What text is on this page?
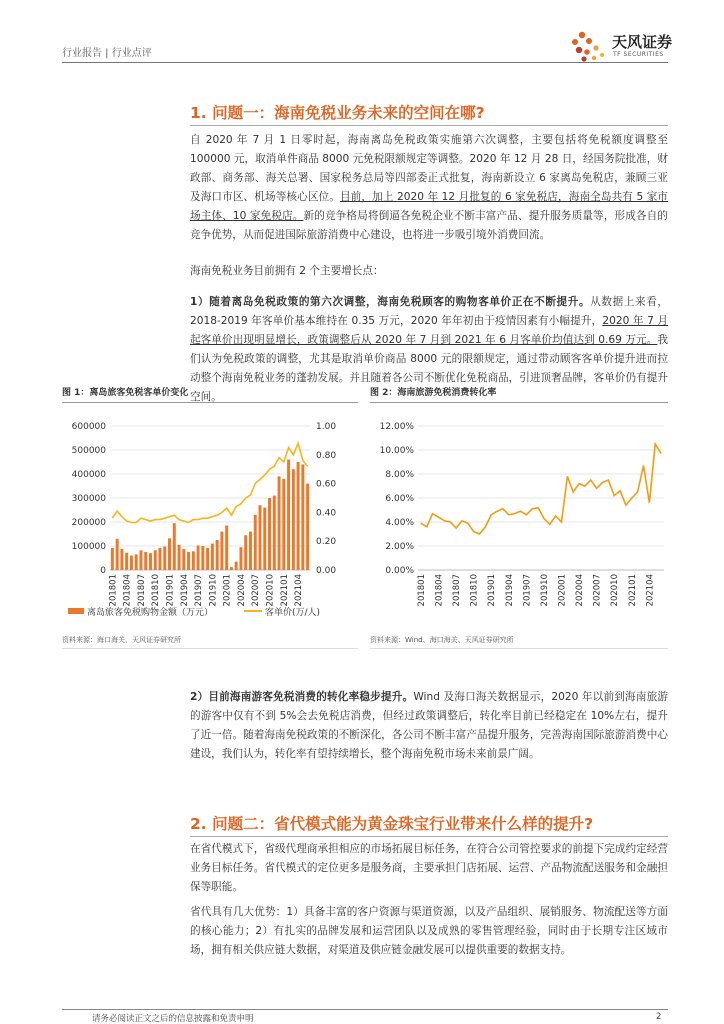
行业报告 | 行业点评
天风证券
TF SECURITIES
1. 问题一：海南免税业务未来的空间在哪?
自 2020 年 7 月 1 日零时起，海南离岛免税政策实施第六次调整，主要包括将免税额度调整至 100000 元，取消单件商品 8000 元免税限额规定等调整。2020 年 12 月 28 日，经国务院批准，财政部、商务部、海关总署、国家税务总局等四部委正式批复，海南新设立 6 家离岛免税店，兼顾三亚及海口市区、机场等核心区位。目前，加上 2020 年 12 月批复的 6 家免税店，海南全岛共有 5 家市场主体、10 家免税店。新的竞争格局将倒逼各免税企业不断丰富产品、提升服务质量等，形成各自的竞争优势，从而促进国际旅游消费中心建设，也将进一步吸引境外消费回流。
海南免税业务目前拥有 2 个主要增长点：
1）随着离岛免税政策的第六次调整，海南免税顾客的购物客单价正在不断提升。从数据上来看，2018-2019 年客单价基本维持在 0.35 万元，2020 年年初由于疫情因素有小幅提升，2020 年 7 月起客单价出现明显增长，政策调整后从 2020 年 7 月到 2021 年 6 月客单价均值达到 0.69 万元。我们认为免税政策的调整，尤其是取消单价商品 8000 元的限额规定，通过带动顾客客单价提升进而拉动整个海南免税业务的蓬勃发展。并且随着各公司不断优化免税商品，引进顶奢品牌，客单价仍有提升空间。
图 1：离岛旅客免税客单价变化
0
100000
200000
300000
400000
500000
600000
0.00
0.20
0.40
0.60
0.80
1.00
201801 201804 201807 201810 201901 201904 201907 201910 202001 202004 202007 202010 202101 202104
离岛旅客免税购物金额（万元）	客单价(万/人)
资料来源：海口海关、天风证券研究所
图 2：海南旅游免税消费转化率
0.00%
2.00%
4.00%
6.00%
8.00%
10.00%
12.00%
201801 201804 201807 201810 201901 201904 201907 201910 202001 202004 202007 202010 202101 202104
资料来源：Wind、海口海关、天风证券研究所
2）目前海南游客免税消费的转化率稳步提升。Wind 及海口海关数据显示，2020 年以前到海南旅游的游客中仅有不到 5%会去免税店消费，但经过政策调整后，转化率目前已经稳定在 10%左右，提升了近一倍。随着海南免税政策的不断深化，各公司不断丰富产品提升服务，完善海南国际旅游消费中心建设，我们认为，转化率有望持续增长，整个海南免税市场未来前景广阔。
2. 问题二：省代模式能为黄金珠宝行业带来什么样的提升?
在省代模式下，省级代理商承担相应的市场拓展目标任务，在符合公司管控要求的前提下完成约定经营业务目标任务。省代模式的定位更多是服务商，主要承担门店拓展、运营、产品物流配送服务和金融担保等职能。
省代具有几大优势：1）具备丰富的客户资源与渠道资源，以及产品组织、展销服务、物流配送等方面的核心能力；2）有扎实的品牌发展和运营团队以及成熟的零售管理经验，同时由于长期专注区域市场，拥有相关供应链大数据，对渠道及供应链金融发展可以提供重要的数据支持。
请务必阅读正文之后的信息披露和免责申明	2
